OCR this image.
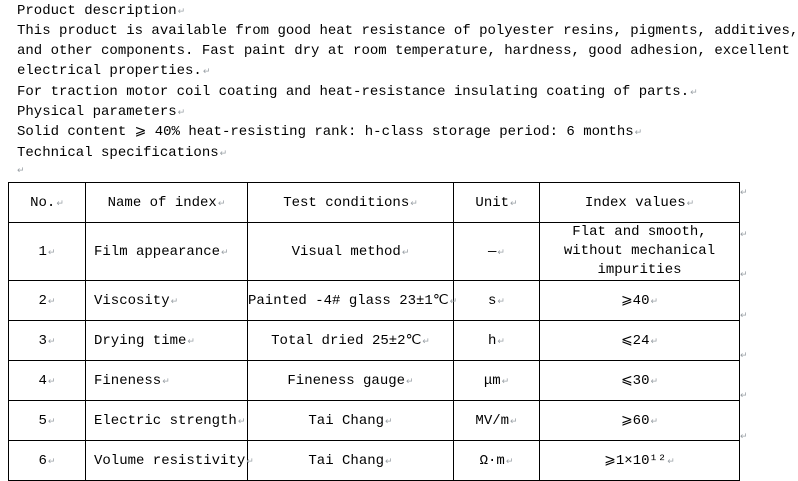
Product description↵
This product is available from good heat resistance of polyester resins, pigments, additives,
and other components. Fast paint dry at room temperature, hardness, good adhesion, excellent
electrical properties.↵
For traction motor coil coating and heat-resistance insulating coating of parts.↵
Physical parameters↵
Solid content ⩾ 40% heat-resisting rank: h-class storage period: 6 months↵
Technical specifications↵
↵
No.↵	Name of index↵	Test conditions↵	Unit↵	Index values↵
1↵	Film appearance↵	Visual method↵	—↵	Flat and smooth, without mechanical impurities
2↵	Viscosity↵	Painted -4# glass 23±1℃↵	s↵	⩾40↵
3↵	Drying time↵	Total dried 25±2℃↵	h↵	⩽24↵
4↵	Fineness↵	Fineness gauge↵	μm↵	⩽30↵
5↵	Electric strength↵	Tai Chang↵	MV/m↵	⩾60↵
6↵	Volume resistivity↵	Tai Chang↵	Ω·m↵	⩾1×10¹²↵
↵
↵
↵
↵
↵
↵
↵
